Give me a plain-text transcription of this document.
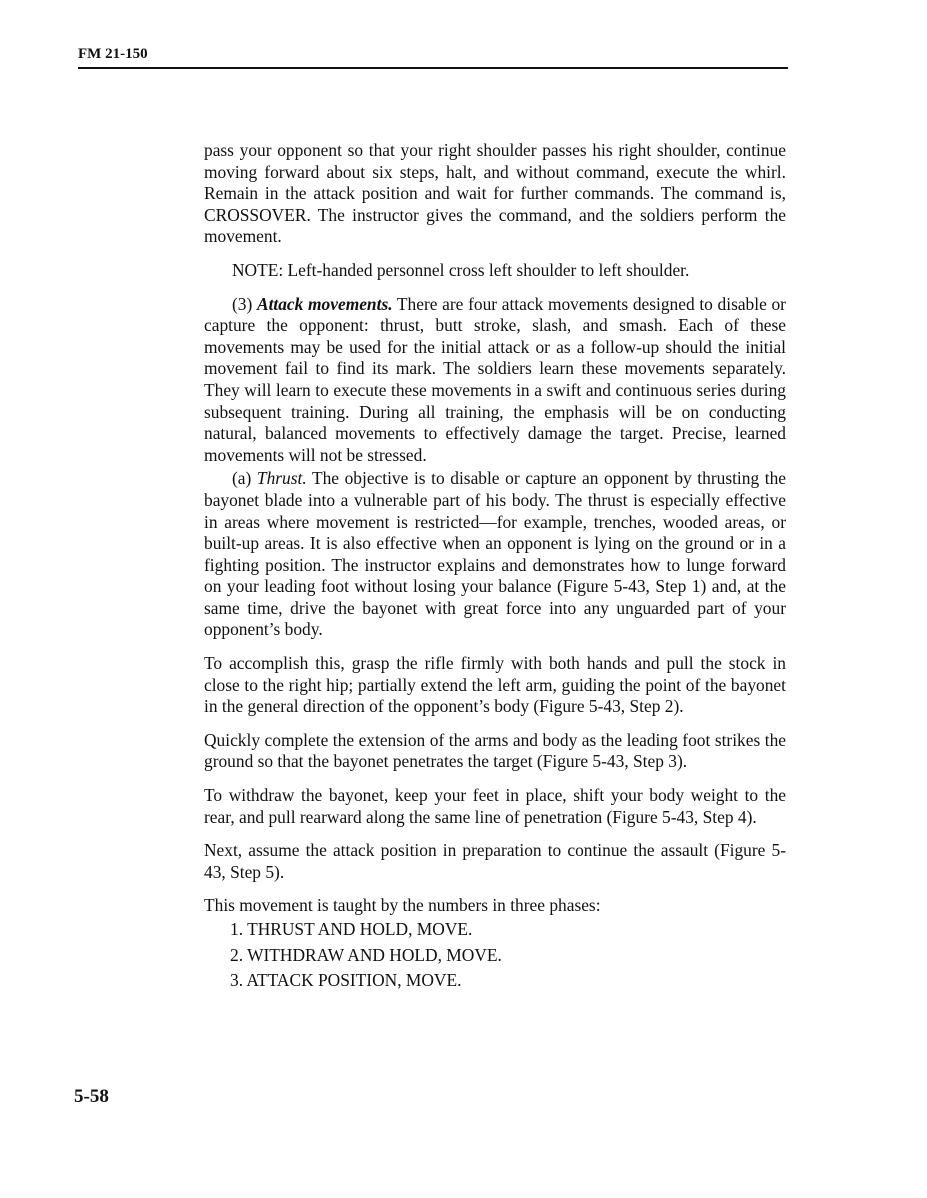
FM 21-150

pass your opponent so that your right shoulder passes his right shoulder, continue moving forward about six steps, halt, and without command, execute the whirl. Remain in the attack position and wait for further commands. The command is, CROSSOVER. The instructor gives the command, and the soldiers perform the movement.

NOTE: Left-handed personnel cross left shoulder to left shoulder.

(3) Attack movements. There are four attack movements designed to disable or capture the opponent: thrust, butt stroke, slash, and smash. Each of these movements may be used for the initial attack or as a follow-up should the initial movement fail to find its mark. The soldiers learn these movements separately. They will learn to execute these movements in a swift and continuous series during subsequent training. During all training, the emphasis will be on conducting natural, balanced movements to effectively damage the target. Precise, learned movements will not be stressed.

(a) Thrust. The objective is to disable or capture an opponent by thrusting the bayonet blade into a vulnerable part of his body. The thrust is especially effective in areas where movement is restricted—for example, trenches, wooded areas, or built-up areas. It is also effective when an opponent is lying on the ground or in a fighting position. The instructor explains and demonstrates how to lunge forward on your leading foot without losing your balance (Figure 5-43, Step 1) and, at the same time, drive the bayonet with great force into any unguarded part of your opponent’s body.

To accomplish this, grasp the rifle firmly with both hands and pull the stock in close to the right hip; partially extend the left arm, guiding the point of the bayonet in the general direction of the opponent’s body (Figure 5-43, Step 2).

Quickly complete the extension of the arms and body as the leading foot strikes the ground so that the bayonet penetrates the target (Figure 5-43, Step 3).

To withdraw the bayonet, keep your feet in place, shift your body weight to the rear, and pull rearward along the same line of penetration (Figure 5-43, Step 4).

Next, assume the attack position in preparation to continue the assault (Figure 5-43, Step 5).

This movement is taught by the numbers in three phases:

1. THRUST AND HOLD, MOVE.
2. WITHDRAW AND HOLD, MOVE.
3. ATTACK POSITION, MOVE.
5-58
